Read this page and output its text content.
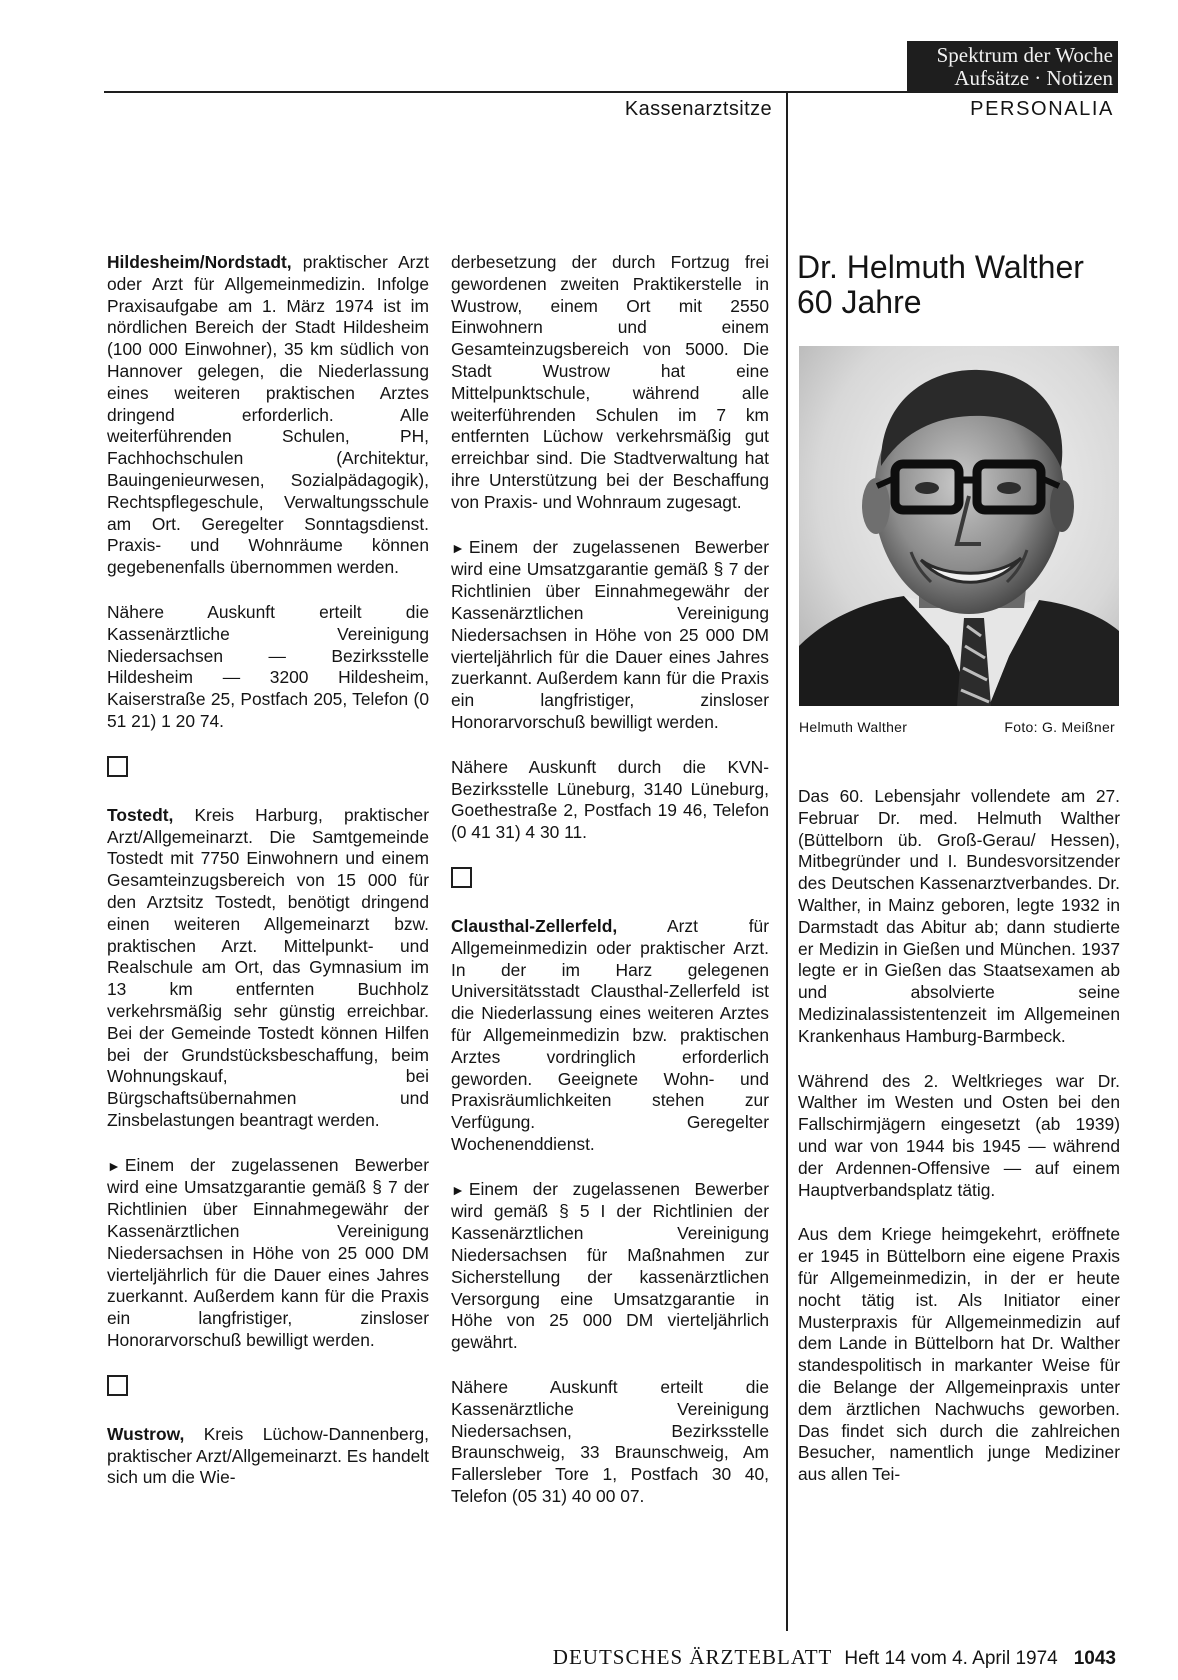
Spektrum der Woche
Aufsätze · Notizen
Kassenarztsitze	PERSONALIA

Hildesheim/Nordstadt, praktischer Arzt oder Arzt für Allgemeinmedizin. Infolge Praxisaufgabe am 1. März 1974 ist im nördlichen Bereich der Stadt Hildesheim (100 000 Einwohner), 35 km südlich von Hannover gelegen, die Niederlassung eines weiteren praktischen Arztes dringend erforderlich. Alle weiterführenden Schulen, PH, Fachhochschulen (Architektur, Bauingenieurwesen, Sozialpädagogik), Rechtspflegeschule, Verwaltungsschule am Ort. Geregelter Sonntagsdienst. Praxis- und Wohnräume können gegebenenfalls übernommen werden.

Nähere Auskunft erteilt die Kassenärztliche Vereinigung Niedersachsen — Bezirksstelle Hildesheim — 3200 Hildesheim, Kaiserstraße 25, Postfach 205, Telefon (0 51 21) 1 20 74.

Tostedt, Kreis Harburg, praktischer Arzt/Allgemeinarzt. Die Samtgemeinde Tostedt mit 7750 Einwohnern und einem Gesamteinzugsbereich von 15 000 für den Arztsitz Tostedt, benötigt dringend einen weiteren Allgemeinarzt bzw. praktischen Arzt. Mittelpunkt- und Realschule am Ort, das Gymnasium im 13 km entfernten Buchholz verkehrsmäßig sehr günstig erreichbar. Bei der Gemeinde Tostedt können Hilfen bei der Grundstücksbeschaffung, beim Wohnungskauf, bei Bürgschaftsübernahmen und Zinsbelastungen beantragt werden.

► Einem der zugelassenen Bewerber wird eine Umsatzgarantie gemäß § 7 der Richtlinien über Einnahmegewähr der Kassenärztlichen Vereinigung Niedersachsen in Höhe von 25 000 DM vierteljährlich für die Dauer eines Jahres zuerkannt. Außerdem kann für die Praxis ein langfristiger, zinsloser Honorarvorschuß bewilligt werden.

Wustrow, Kreis Lüchow-Dannenberg, praktischer Arzt/Allgemeinarzt. Es handelt sich um die Wie-

derbesetzung der durch Fortzug frei gewordenen zweiten Praktikerstelle in Wustrow, einem Ort mit 2550 Einwohnern und einem Gesamteinzugsbereich von 5000. Die Stadt Wustrow hat eine Mittelpunktschule, während alle weiterführenden Schulen im 7 km entfernten Lüchow verkehrsmäßig gut erreichbar sind. Die Stadtverwaltung hat ihre Unterstützung bei der Beschaffung von Praxis- und Wohnraum zugesagt.

► Einem der zugelassenen Bewerber wird eine Umsatzgarantie gemäß § 7 der Richtlinien über Einnahmegewähr der Kassenärztlichen Vereinigung Niedersachsen in Höhe von 25 000 DM vierteljährlich für die Dauer eines Jahres zuerkannt. Außerdem kann für die Praxis ein langfristiger, zinsloser Honorarvorschuß bewilligt werden.

Nähere Auskunft durch die KVN-Bezirksstelle Lüneburg, 3140 Lüneburg, Goethestraße 2, Postfach 19 46, Telefon (0 41 31) 4 30 11.

Clausthal-Zellerfeld, Arzt für Allgemeinmedizin oder praktischer Arzt. In der im Harz gelegenen Universitätsstadt Clausthal-Zellerfeld ist die Niederlassung eines weiteren Arztes für Allgemeinmedizin bzw. praktischen Arztes vordringlich erforderlich geworden. Geeignete Wohn- und Praxisräumlichkeiten stehen zur Verfügung. Geregelter Wochenenddienst.

► Einem der zugelassenen Bewerber wird gemäß § 5 I der Richtlinien der Kassenärztlichen Vereinigung Niedersachsen für Maßnahmen zur Sicherstellung der kassenärztlichen Versorgung eine Umsatzgarantie in Höhe von 25 000 DM vierteljährlich gewährt.

Nähere Auskunft erteilt die Kassenärztliche Vereinigung Niedersachsen, Bezirksstelle Braunschweig, 33 Braunschweig, Am Fallersleber Tore 1, Postfach 30 40, Telefon (05 31) 40 00 07.

Dr. Helmuth Walther
60 Jahre
Helmuth Walther	Foto: G. Meißner

Das 60. Lebensjahr vollendete am 27. Februar Dr. med. Helmuth Walther (Büttelborn üb. Groß-Gerau/ Hessen), Mitbegründer und I. Bundesvorsitzender des Deutschen Kassenarztverbandes. Dr. Walther, in Mainz geboren, legte 1932 in Darmstadt das Abitur ab; dann studierte er Medizin in Gießen und München. 1937 legte er in Gießen das Staatsexamen ab und absolvierte seine Medizinalassistentenzeit im Allgemeinen Krankenhaus Hamburg-Barmbeck.

Während des 2. Weltkrieges war Dr. Walther im Westen und Osten bei den Fallschirmjägern eingesetzt (ab 1939) und war von 1944 bis 1945 — während der Ardennen-Offensive — auf einem Hauptverbandsplatz tätig.

Aus dem Kriege heimgekehrt, eröffnete er 1945 in Büttelborn eine eigene Praxis für Allgemeinmedizin, in der er heute nocht tätig ist. Als Initiator einer Musterpraxis für Allgemeinmedizin auf dem Lande in Büttelborn hat Dr. Walther standespolitisch in markanter Weise für die Belange der Allgemeinpraxis unter dem ärztlichen Nachwuchs geworben. Das findet sich durch die zahlreichen Besucher, namentlich junge Mediziner aus allen Tei-

DEUTSCHES ÄRZTEBLATT Heft 14 vom 4. April 1974 1043
